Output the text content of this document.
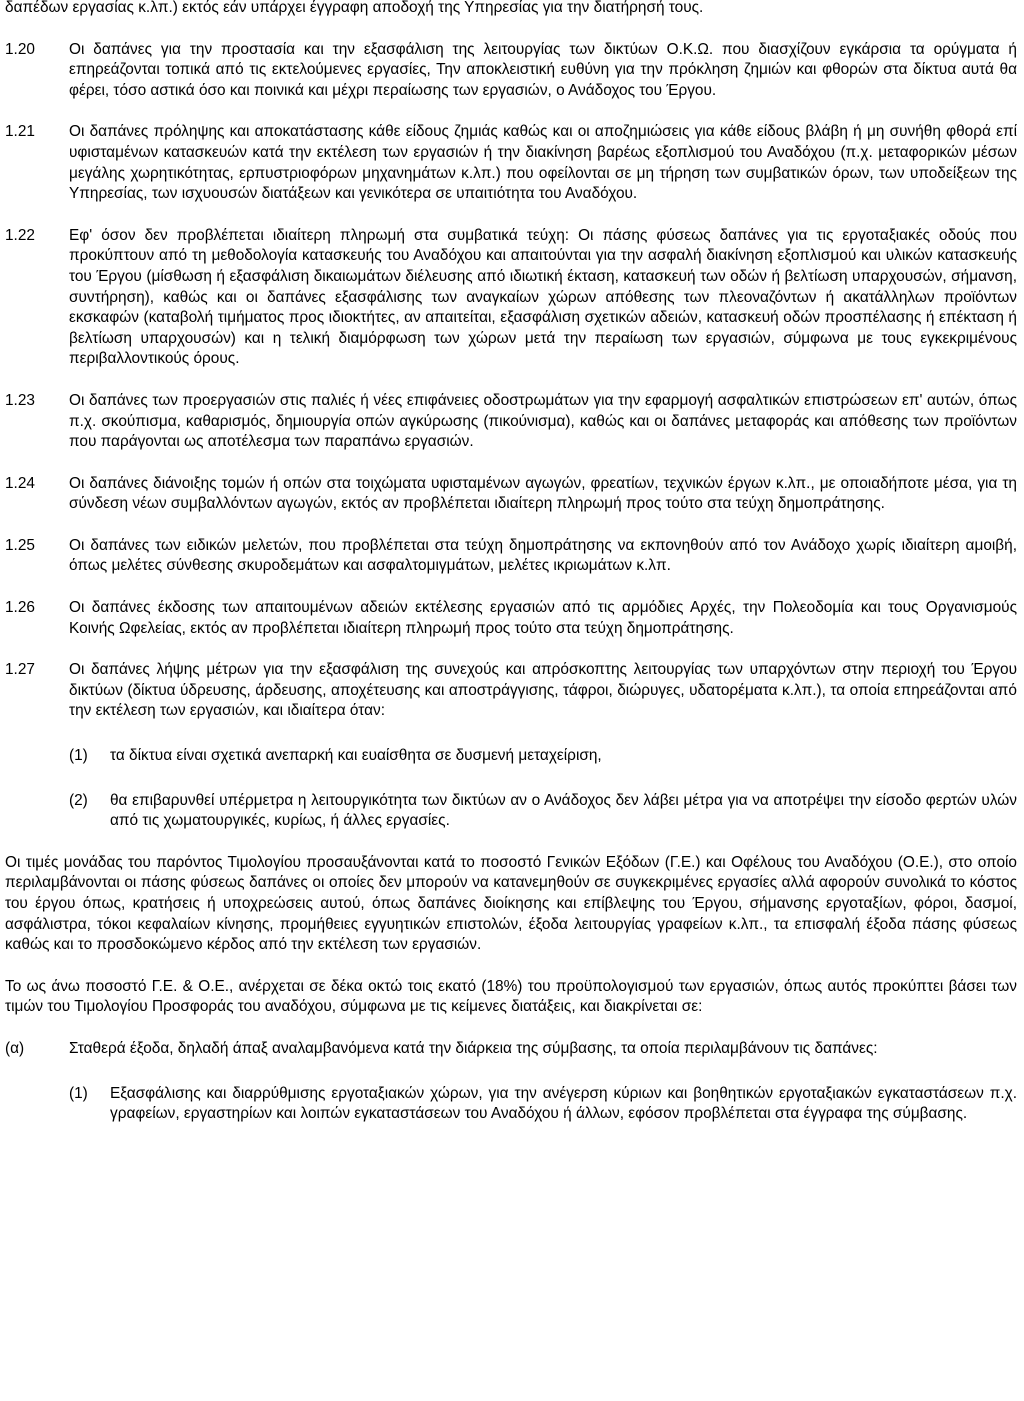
δαπέδων εργασίας κ.λπ.) εκτός εάν υπάρχει έγγραφη αποδοχή της Υπηρεσίας για την διατήρησή τους.
1.20 Οι δαπάνες για την προστασία και την εξασφάλιση της λειτουργίας των δικτύων Ο.Κ.Ω. που διασχίζουν εγκάρσια τα ορύγματα ή επηρεάζονται τοπικά από τις εκτελούμενες εργασίες, Την αποκλειστική ευθύνη για την πρόκληση ζημιών και φθορών στα δίκτυα αυτά θα φέρει, τόσο αστικά όσο και ποινικά και μέχρι περαίωσης των εργασιών, ο Ανάδοχος του Έργου.
1.21 Οι δαπάνες πρόληψης και αποκατάστασης κάθε είδους ζημιάς καθώς και οι αποζημιώσεις για κάθε είδους βλάβη ή μη συνήθη φθορά επί υφισταμένων κατασκευών κατά την εκτέλεση των εργασιών ή την διακίνηση βαρέως εξοπλισμού του Αναδόχου (π.χ. μεταφορικών μέσων μεγάλης χωρητικότητας, ερπυστριοφόρων μηχανημάτων κ.λπ.) που οφείλονται σε μη τήρηση των συμβατικών όρων, των υποδείξεων της Υπηρεσίας, των ισχυουσών διατάξεων και γενικότερα σε υπαιτιότητα του Αναδόχου.
1.22 Εφ' όσον δεν προβλέπεται ιδιαίτερη πληρωμή στα συμβατικά τεύχη: Οι πάσης φύσεως δαπάνες για τις εργοταξιακές οδούς που προκύπτουν από τη μεθοδολογία κατασκευής του Αναδόχου και απαιτούνται για την ασφαλή διακίνηση εξοπλισμού και υλικών κατασκευής του Έργου (μίσθωση ή εξασφάλιση δικαιωμάτων διέλευσης από ιδιωτική έκταση, κατασκευή των οδών ή βελτίωση υπαρχουσών, σήμανση, συντήρηση), καθώς και οι δαπάνες εξασφάλισης των αναγκαίων χώρων απόθεσης των πλεοναζόντων ή ακατάλληλων προϊόντων εκσκαφών (καταβολή τιμήματος προς ιδιοκτήτες, αν απαιτείται, εξασφάλιση σχετικών αδειών, κατασκευή οδών προσπέλασης ή επέκταση ή βελτίωση υπαρχουσών) και η τελική διαμόρφωση των χώρων μετά την περαίωση των εργασιών, σύμφωνα με τους εγκεκριμένους περιβαλλοντικούς όρους.
1.23 Οι δαπάνες των προεργασιών στις παλιές ή νέες επιφάνειες οδοστρωμάτων για την εφαρμογή ασφαλτικών επιστρώσεων επ' αυτών, όπως π.χ. σκούπισμα, καθαρισμός, δημιουργία οπών αγκύρωσης (πικούνισμα), καθώς και οι δαπάνες μεταφοράς και απόθεσης των προϊόντων που παράγονται ως αποτέλεσμα των παραπάνω εργασιών.
1.24 Οι δαπάνες διάνοιξης τομών ή οπών στα τοιχώματα υφισταμένων αγωγών, φρεατίων, τεχνικών έργων κ.λπ., με οποιαδήποτε μέσα, για τη σύνδεση νέων συμβαλλόντων αγωγών, εκτός αν προβλέπεται ιδιαίτερη πληρωμή προς τούτο στα τεύχη δημοπράτησης.
1.25 Οι δαπάνες των ειδικών μελετών, που προβλέπεται στα τεύχη δημοπράτησης να εκπονηθούν από τον Ανάδοχο χωρίς ιδιαίτερη αμοιβή, όπως μελέτες σύνθεσης σκυροδεμάτων και ασφαλτομιγμάτων, μελέτες ικριωμάτων κ.λπ.
1.26 Οι δαπάνες έκδοσης των απαιτουμένων αδειών εκτέλεσης εργασιών από τις αρμόδιες Αρχές, την Πολεοδομία και τους Οργανισμούς Κοινής Ωφελείας, εκτός αν προβλέπεται ιδιαίτερη πληρωμή προς τούτο στα τεύχη δημοπράτησης.
1.27 Οι δαπάνες λήψης μέτρων για την εξασφάλιση της συνεχούς και απρόσκοπτης λειτουργίας των υπαρχόντων στην περιοχή του Έργου δικτύων (δίκτυα ύδρευσης, άρδευσης, αποχέτευσης και αποστράγγισης, τάφροι, διώρυγες, υδατορέματα κ.λπ.), τα οποία επηρεάζονται από την εκτέλεση των εργασιών, και ιδιαίτερα όταν:
(1) τα δίκτυα είναι σχετικά ανεπαρκή και ευαίσθητα σε δυσμενή μεταχείριση,
(2) θα επιβαρυνθεί υπέρμετρα η λειτουργικότητα των δικτύων αν ο Ανάδοχος δεν λάβει μέτρα για να αποτρέψει την είσοδο φερτών υλών από τις χωματουργικές, κυρίως, ή άλλες εργασίες.
Οι τιμές μονάδας του παρόντος Τιμολογίου προσαυξάνονται κατά το ποσοστό Γενικών Εξόδων (Γ.Ε.) και Οφέλους του Αναδόχου (Ο.Ε.), στο οποίο περιλαμβάνονται οι πάσης φύσεως δαπάνες οι οποίες δεν μπορούν να κατανεμηθούν σε συγκεκριμένες εργασίες αλλά αφορούν συνολικά το κόστος του έργου όπως, κρατήσεις ή υποχρεώσεις αυτού, όπως δαπάνες διοίκησης και επίβλεψης του Έργου, σήμανσης εργοταξίων, φόροι, δασμοί, ασφάλιστρα, τόκοι κεφαλαίων κίνησης, προμήθειες εγγυητικών επιστολών, έξοδα λειτουργίας γραφείων κ.λπ., τα επισφαλή έξοδα πάσης φύσεως καθώς και το προσδοκώμενο κέρδος από την εκτέλεση των εργασιών.
Το ως άνω ποσοστό Γ.Ε. & Ο.Ε., ανέρχεται σε δέκα οκτώ τοις εκατό (18%) του προϋπολογισμού των εργασιών, όπως αυτός προκύπτει βάσει των τιμών του Τιμολογίου Προσφοράς του αναδόχου, σύμφωνα με τις κείμενες διατάξεις, και διακρίνεται σε:
(α)	Σταθερά έξοδα, δηλαδή άπαξ αναλαμβανόμενα κατά την διάρκεια της σύμβασης, τα οποία περιλαμβάνουν τις δαπάνες:
(1) Εξασφάλισης και διαρρύθμισης εργοταξιακών χώρων, για την ανέγερση κύριων και βοηθητικών εργοταξιακών εγκαταστάσεων π.χ. γραφείων, εργαστηρίων και λοιπών εγκαταστάσεων του Αναδόχου ή άλλων, εφόσον προβλέπεται στα έγγραφα της σύμβασης.
